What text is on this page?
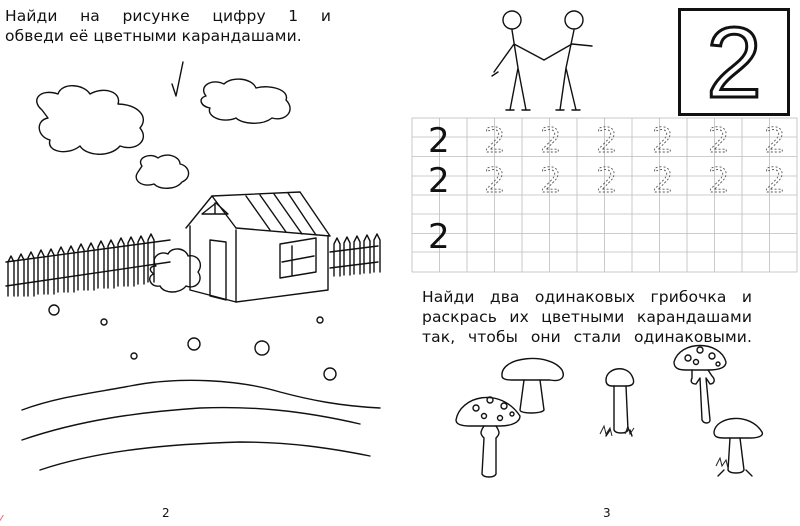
Найди на рисунке цифру 1 и
обведи её цветными карандашами.

2
⁄
2
2
2
2
2 2 2 2 2 2
2 2 2 2 2 2

Найди два одинаковых грибочка и
раскрась их цветными карандашами
так, чтобы они стали одинаковыми.

3
